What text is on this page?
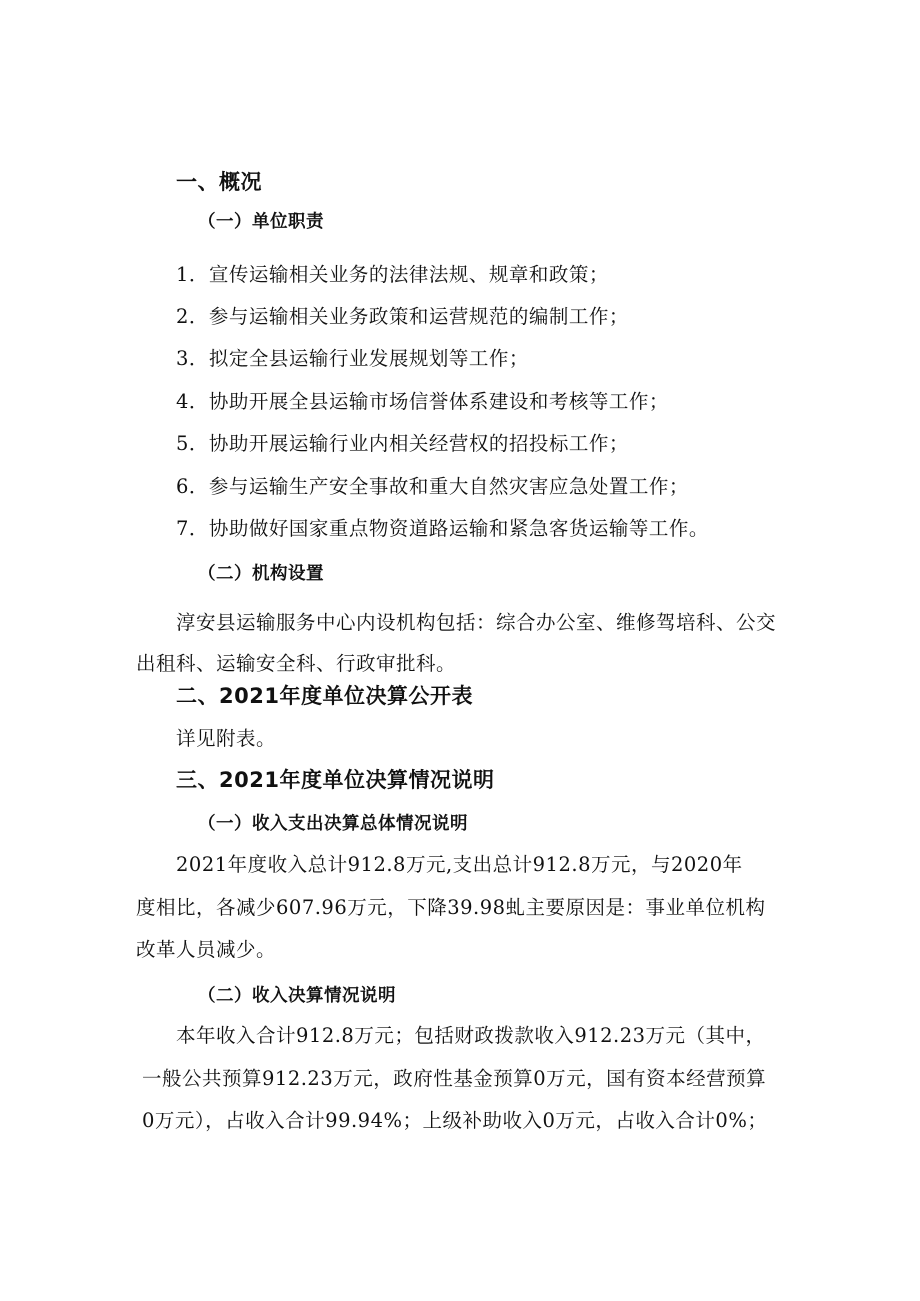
一、概况
（一）单位职责
1．宣传运输相关业务的法律法规、规章和政策；
2．参与运输相关业务政策和运营规范的编制工作；
3．拟定全县运输行业发展规划等工作；
4．协助开展全县运输市场信誉体系建设和考核等工作；
5．协助开展运输行业内相关经营权的招投标工作；
6．参与运输生产安全事故和重大自然灾害应急处置工作；
7．协助做好国家重点物资道路运输和紧急客货运输等工作。
（二）机构设置
淳安县运输服务中心内设机构包括：综合办公室、维修驾培科、公交
出租科、运输安全科、行政审批科。
二、2021年度单位决算公开表
详见附表。
三、2021年度单位决算情况说明
（一）收入支出决算总体情况说明
2021年度收入总计912.8万元,支出总计912.8万元，与2020年
度相比，各减少607.96万元，下降39.98虬主要原因是：事业单位机构
改革人员减少。
（二）收入决算情况说明
本年收入合计912.8万元；包括财政拨款收入912.23万元（其中，
一般公共预算912.23万元，政府性基金预算0万元，国有资本经营预算
0万元），占收入合计99.94%；上级补助收入0万元，占收入合计0%；
